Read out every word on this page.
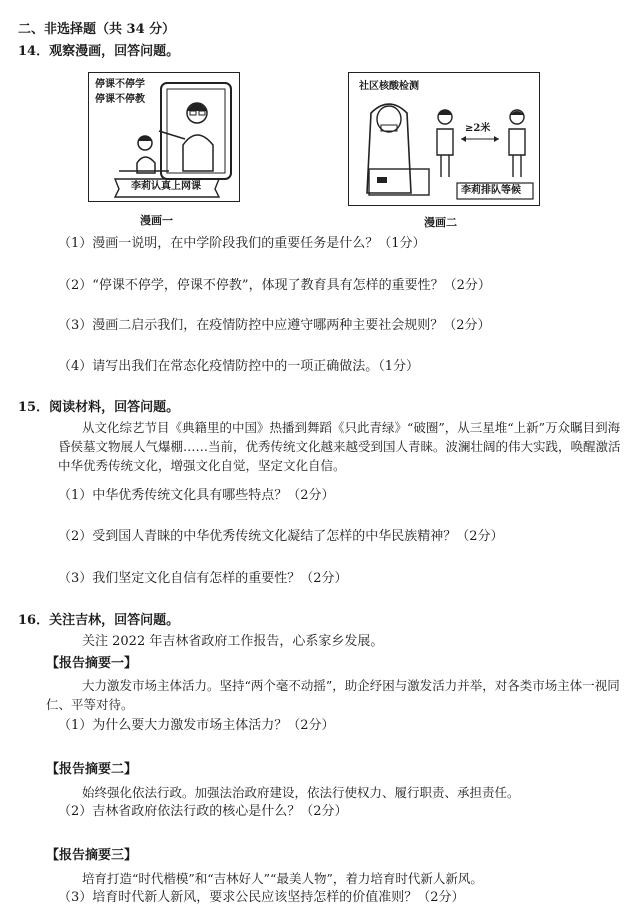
二、非选择题（共 34 分）
14．观察漫画，回答问题。
停课不停学
停课不停教
李莉认真上网课
漫画一
社区核酸检测
≥2米
李莉排队等候
漫画二
（1）漫画一说明，在中学阶段我们的重要任务是什么？（1分）
（2）“停课不停学，停课不停教”，体现了教育具有怎样的重要性？（2分）
（3）漫画二启示我们，在疫情防控中应遵守哪两种主要社会规则？（2分）
（4）请写出我们在常态化疫情防控中的一项正确做法。（1分）
15．阅读材料，回答问题。
从文化综艺节目《典籍里的中国》热播到舞蹈《只此青绿》“破圈”，从三星堆“上新”万众瞩目到海昏侯墓文物展人气爆棚……当前，优秀传统文化越来越受到国人青睐。波澜壮阔的伟大实践，唤醒激活中华优秀传统文化，增强文化自觉，坚定文化自信。
（1）中华优秀传统文化具有哪些特点？（2分）
（2）受到国人青睐的中华优秀传统文化凝结了怎样的中华民族精神？（2分）
（3）我们坚定文化自信有怎样的重要性？（2分）
16．关注吉林，回答问题。
关注 2022 年吉林省政府工作报告，心系家乡发展。
【报告摘要一】
大力激发市场主体活力。坚持“两个毫不动摇”，助企纾困与激发活力并举，对各类市场主体一视同仁、平等对待。
（1）为什么要大力激发市场主体活力？（2分）
【报告摘要二】
始终强化依法行政。加强法治政府建设，依法行使权力、履行职责、承担责任。
（2）吉林省政府依法行政的核心是什么？（2分）
【报告摘要三】
培育打造“时代楷模”和“吉林好人”“最美人物”，着力培育时代新人新风。
（3）培育时代新人新风，要求公民应该坚持怎样的价值准则？（2分）
